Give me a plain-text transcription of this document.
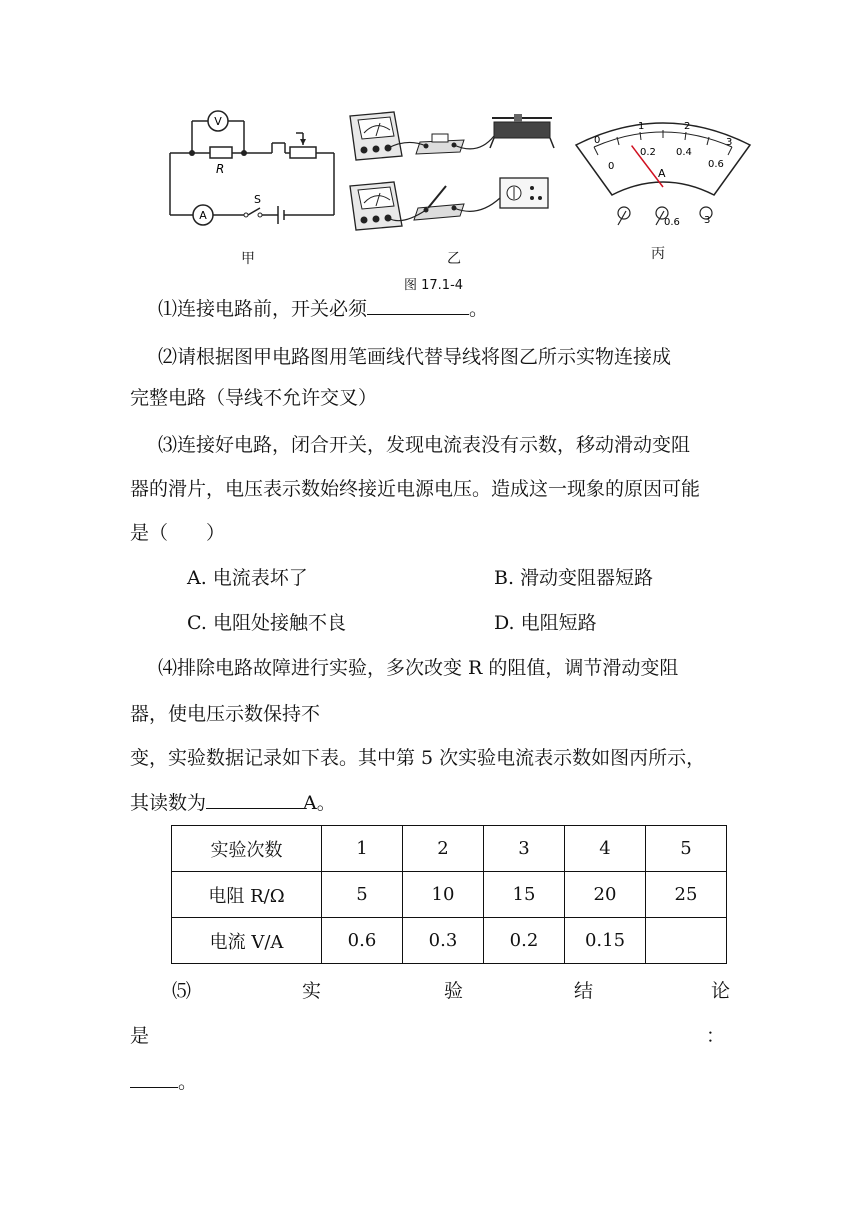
V
A
R
S
0
1	2
3
0
0.2 0.4
0.6
A
0.6 3
甲	乙	丙
图 17.1-4
⑴连接电路前，开关必须	。
⑵请根据图甲电路图用笔画线代替导线将图乙所示实物连接成
完整电路（导线不允许交叉）
⑶连接好电路，闭合开关，发现电流表没有示数，移动滑动变阻
器的滑片，电压表示数始终接近电源电压。造成这一现象的原因可能
是（　　）
A. 电流表坏了	B. 滑动变阻器短路
C. 电阻处接触不良	D. 电阻短路
⑷排除电路故障进行实验，多次改变 R 的阻值，调节滑动变阻
器，使电压示数保持不
变，实验数据记录如下表。其中第 5 次实验电流表示数如图丙所示，
其读数为	A。
实验次数	1	2	3	4	5
电阻 R/Ω	5	10	15	20	25
电流 V/A	0.6	0.3	0.2	0.15	
⑸	实	验	结	论
是	：
。
